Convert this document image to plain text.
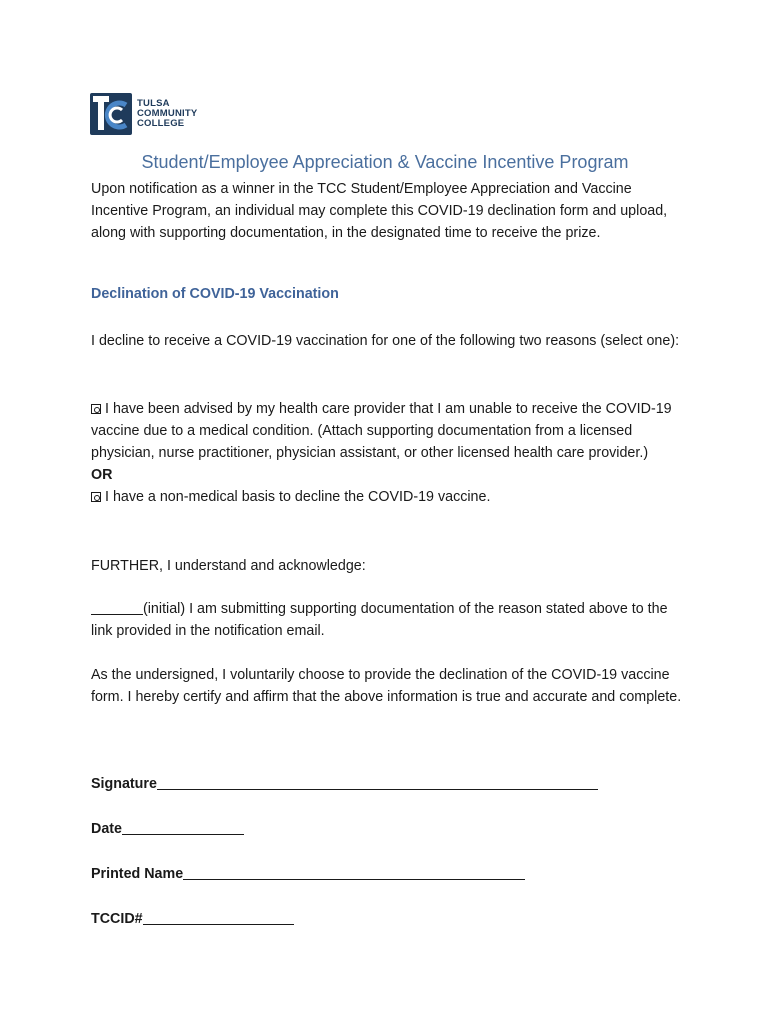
TULSA
COMMUNITY
COLLEGE
Student/Employee Appreciation & Vaccine Incentive Program

Upon notification as a winner in the TCC Student/Employee Appreciation and Vaccine Incentive Program, an individual may complete this COVID-19 declination form and upload, along with supporting documentation, in the designated time to receive the prize.

Declination of COVID-19 Vaccination

I decline to receive a COVID-19 vaccination for one of the following two reasons (select one):

I have been advised by my health care provider that I am unable to receive the COVID-19 vaccine due to a medical condition. (Attach supporting documentation from a licensed physician, nurse practitioner, physician assistant, or other licensed health care provider.)
OR
I have a non-medical basis to decline the COVID-19 vaccine.

FURTHER, I understand and acknowledge:

(initial) I am submitting supporting documentation of the reason stated above to the link provided in the notification email.

As the undersigned, I voluntarily choose to provide the declination of the COVID-19 vaccine form. I hereby certify and affirm that the above information is true and accurate and complete.

Signature

Date

Printed Name

TCCID#
